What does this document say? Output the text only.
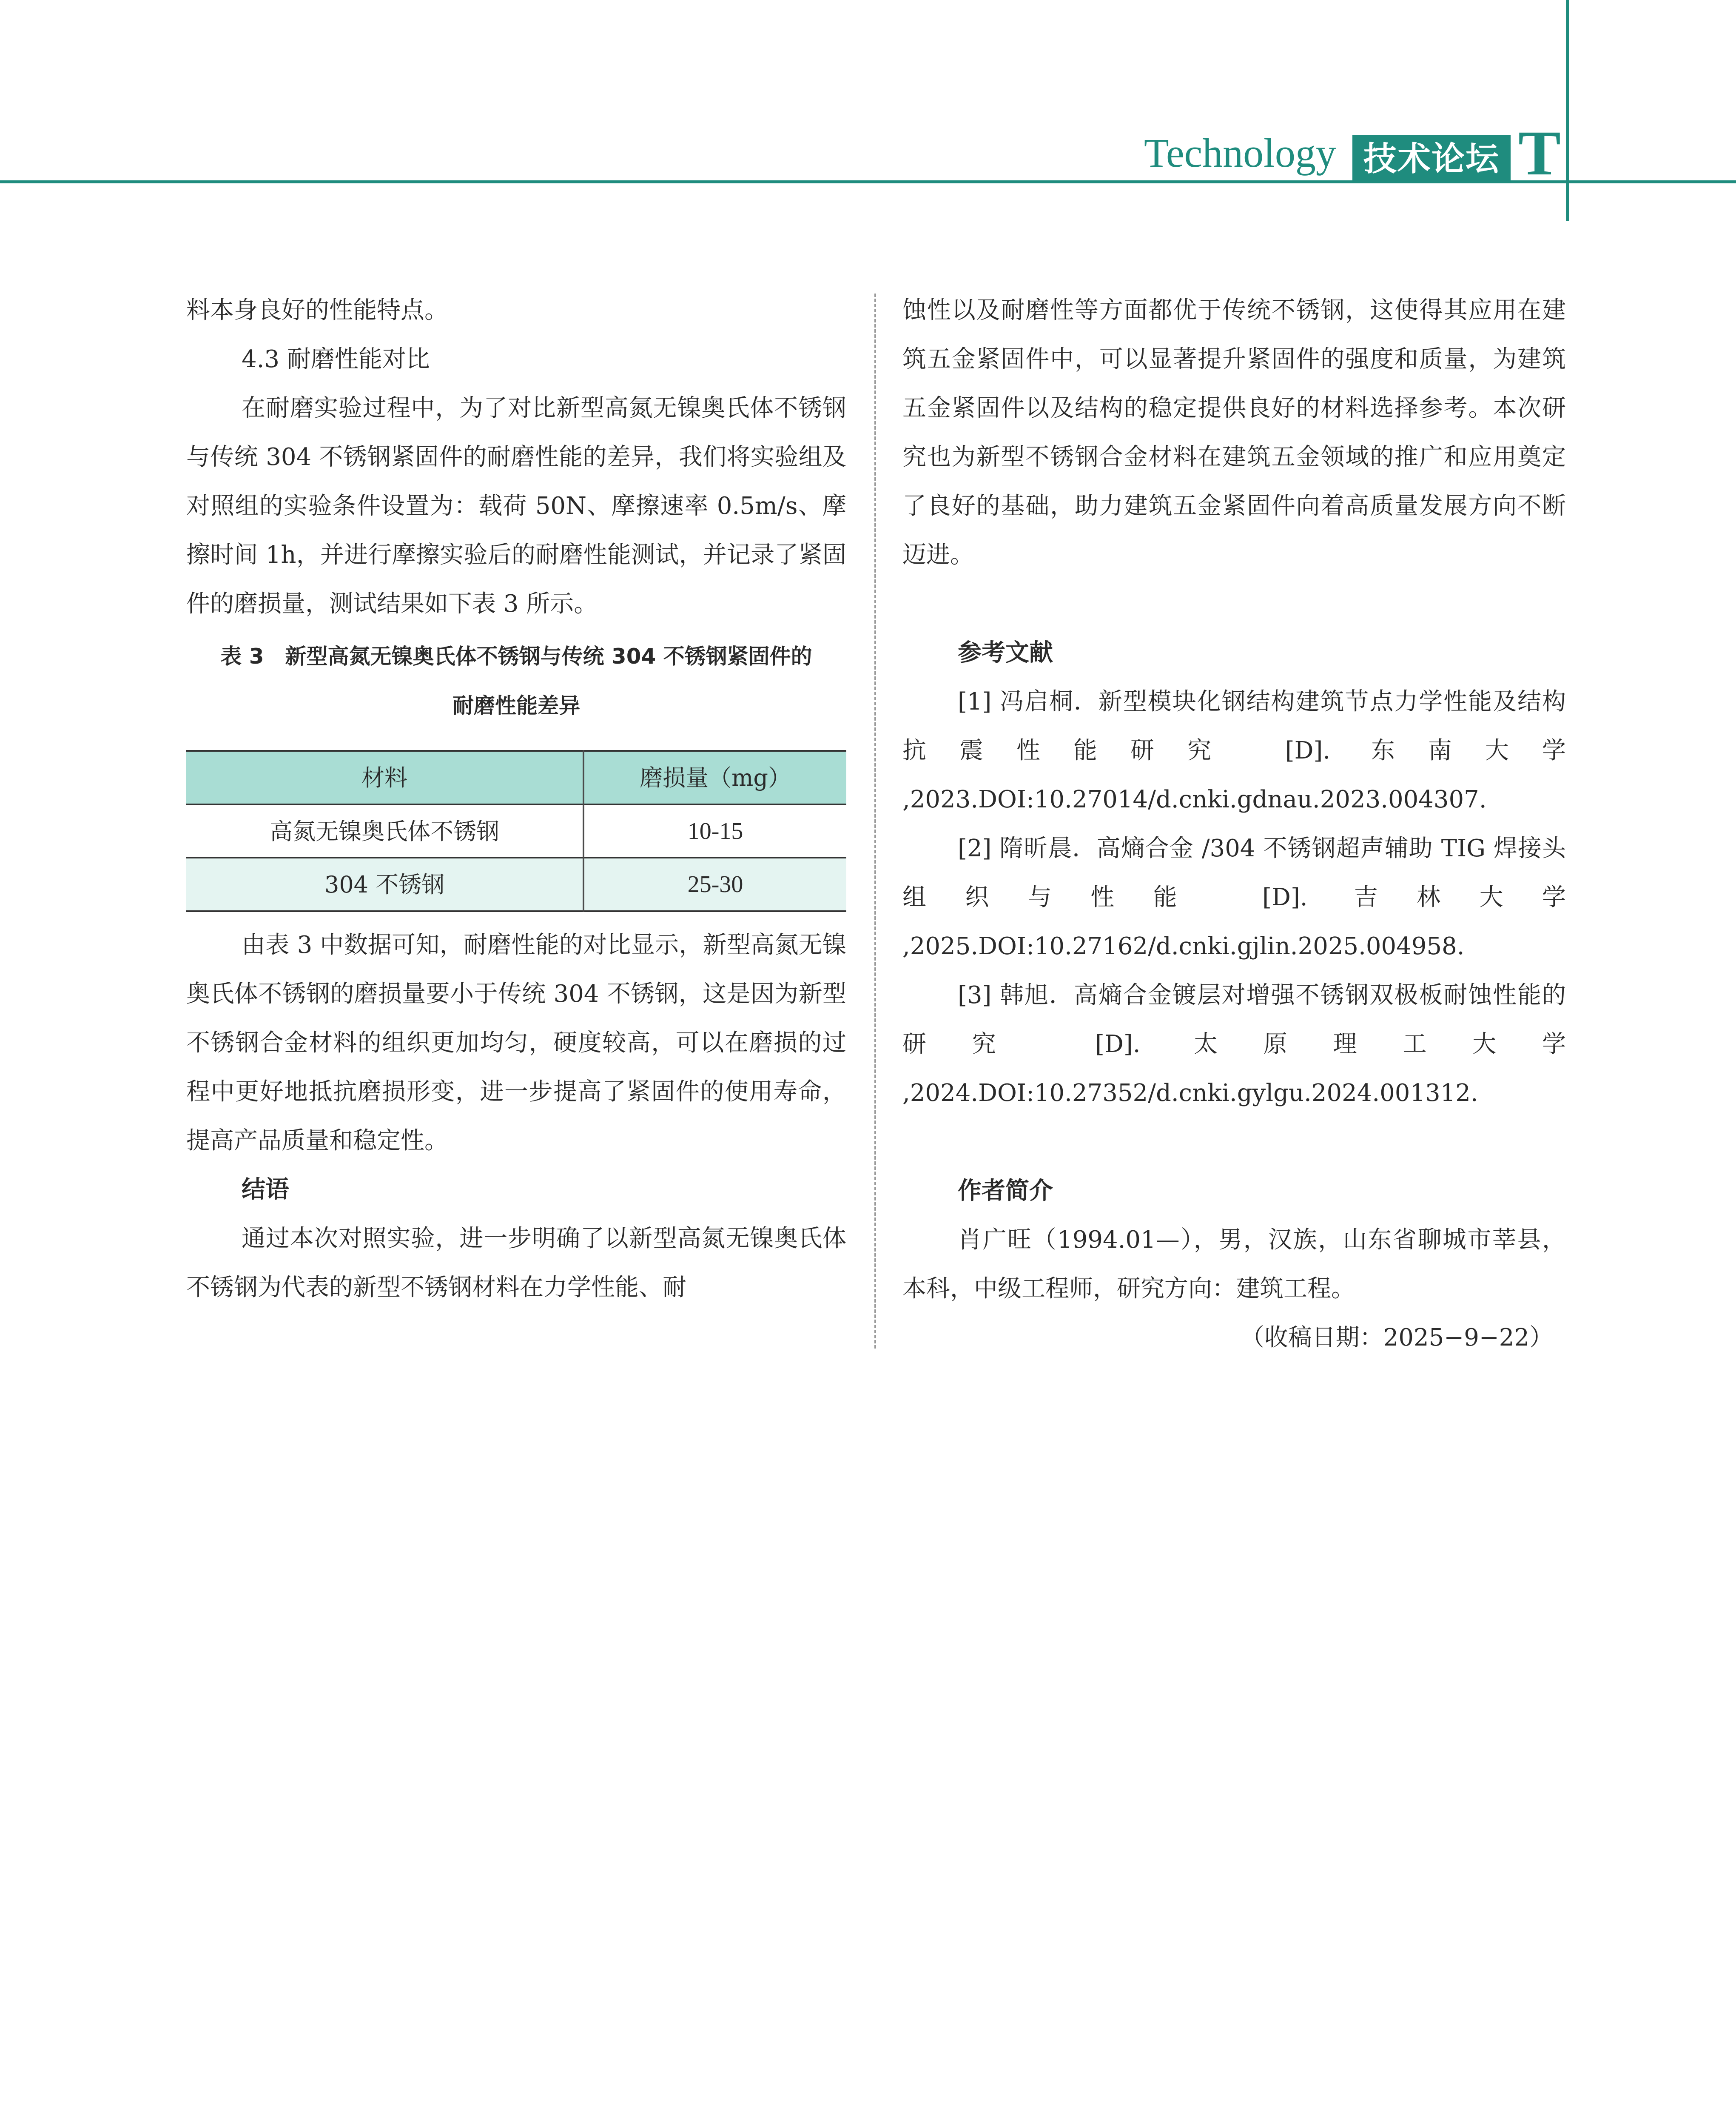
Technology 技术论坛 T

料本身良好的性能特点。

4.3 耐磨性能对比

在耐磨实验过程中，为了对比新型高氮无镍奥氏体不锈钢与传统 304 不锈钢紧固件的耐磨性能的差异，我们将实验组及对照组的实验条件设置为：载荷 50N、摩擦速率 0.5m/s、摩擦时间 1h，并进行摩擦实验后的耐磨性能测试，并记录了紧固件的磨损量，测试结果如下表 3 所示。

表 3　新型高氮无镍奥氏体不锈钢与传统 304 不锈钢紧固件的
耐磨性能差异
材料	磨损量（mg）
高氮无镍奥氏体不锈钢	10-15
304 不锈钢	25-30

由表 3 中数据可知，耐磨性能的对比显示，新型高氮无镍奥氏体不锈钢的磨损量要小于传统 304 不锈钢，这是因为新型不锈钢合金材料的组织更加均匀，硬度较高，可以在磨损的过程中更好地抵抗磨损形变，进一步提高了紧固件的使用寿命，提高产品质量和稳定性。

结语

通过本次对照实验，进一步明确了以新型高氮无镍奥氏体不锈钢为代表的新型不锈钢材料在力学性能、耐

蚀性以及耐磨性等方面都优于传统不锈钢，这使得其应用在建筑五金紧固件中，可以显著提升紧固件的强度和质量，为建筑五金紧固件以及结构的稳定提供良好的材料选择参考。本次研究也为新型不锈钢合金材料在建筑五金领域的推广和应用奠定了良好的基础，助力建筑五金紧固件向着高质量发展方向不断迈进。

参考文献

[1] 冯启桐．新型模块化钢结构建筑节点力学性能及结构抗震性能研究 [D]. 东南大学 ,2023.DOI:10.27014/d.cnki.gdnau.2023.004307.

[2] 隋昕晨．高熵合金 /304 不锈钢超声辅助 TIG 焊接头组织与性能 [D]. 吉林大学 ,2025.DOI:10.27162/d.cnki.gjlin.2025.004958.

[3] 韩旭．高熵合金镀层对增强不锈钢双极板耐蚀性能的研究 [D]. 太原理工大学 ,2024.DOI:10.27352/d.cnki.gylgu.2024.001312.

作者简介

肖广旺（1994.01—），男，汉族，山东省聊城市莘县，本科，中级工程师，研究方向：建筑工程。

（收稿日期：2025−9−22）
